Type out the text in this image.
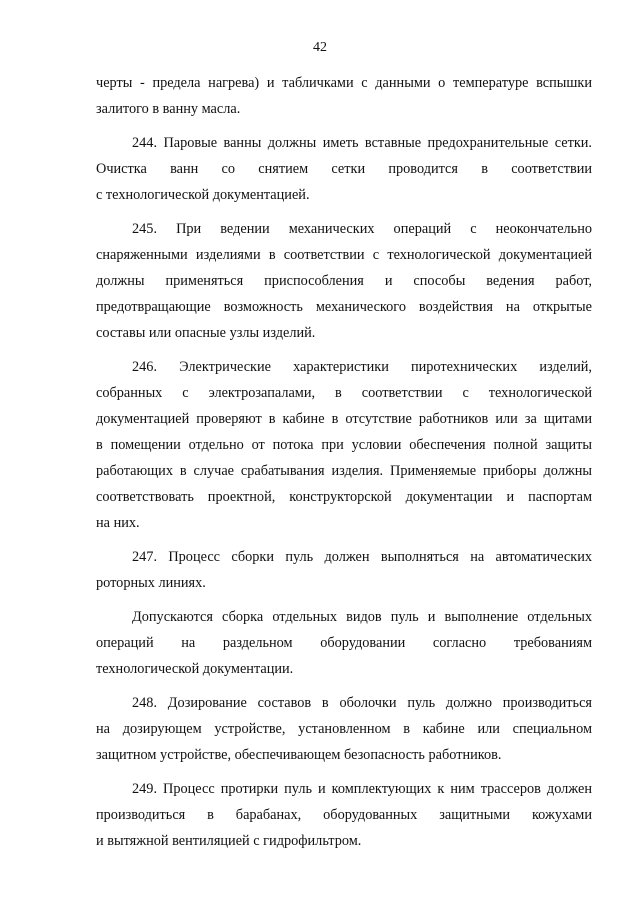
42
черты - предела нагрева) и табличками с данными о температуре вспышки
залитого в ванну масла.
244. Паровые ванны должны иметь вставные предохранительные сетки.
Очистка ванн со снятием сетки проводится в соответствии
с технологической документацией.
245. При ведении механических операций с неокончательно
снаряженными изделиями в соответствии с технологической документацией
должны применяться приспособления и способы ведения работ,
предотвращающие возможность механического воздействия на открытые
составы или опасные узлы изделий.
246. Электрические характеристики пиротехнических изделий,
собранных с электрозапалами, в соответствии с технологической
документацией проверяют в кабине в отсутствие работников или за щитами
в помещении отдельно от потока при условии обеспечения полной защиты
работающих в случае срабатывания изделия. Применяемые приборы должны
соответствовать проектной, конструкторской документации и паспортам
на них.
247. Процесс сборки пуль должен выполняться на автоматических
роторных линиях.
Допускаются сборка отдельных видов пуль и выполнение отдельных
операций на раздельном оборудовании согласно требованиям
технологической документации.
248. Дозирование составов в оболочки пуль должно производиться
на дозирующем устройстве, установленном в кабине или специальном
защитном устройстве, обеспечивающем безопасность работников.
249. Процесс протирки пуль и комплектующих к ним трассеров должен
производиться в барабанах, оборудованных защитными кожухами
и вытяжной вентиляцией с гидрофильтром.
